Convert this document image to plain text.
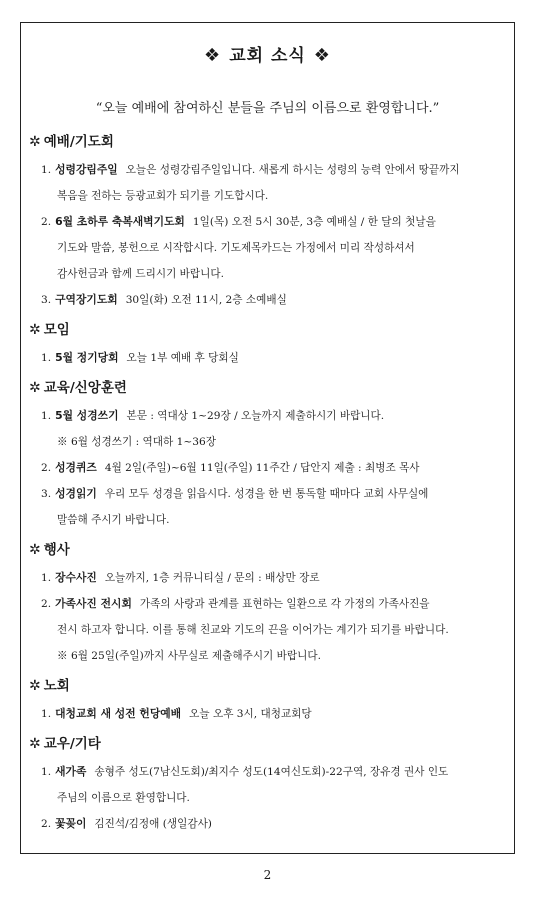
❖ 교회 소식 ❖
“오늘 예배에 참여하신 분들을 주님의 이름으로 환영합니다.”
✲ 예배/기도회
1. 성령강림주일 오늘은 성령강림주일입니다. 새롭게 하시는 성령의 능력 안에서 땅끝까지
복음을 전하는 등광교회가 되기를 기도합시다.
2. 6월 초하루 축복새벽기도회 1일(목) 오전 5시 30분, 3층 예배실 / 한 달의 첫날을
기도와 말씀, 봉헌으로 시작합시다. 기도제목카드는 가정에서 미리 작성하셔서
감사헌금과 함께 드리시기 바랍니다.
3. 구역장기도회 30일(화) 오전 11시, 2층 소예배실
✲ 모임
1. 5월 정기당회 오늘 1부 예배 후 당회실
✲ 교육/신앙훈련
1. 5월 성경쓰기 본문 : 역대상 1~29장 / 오늘까지 제출하시기 바랍니다.
※ 6월 성경쓰기 : 역대하 1~36장
2. 성경퀴즈 4월 2일(주일)~6월 11일(주일) 11주간 / 답안지 제출 : 최병조 목사
3. 성경읽기 우리 모두 성경을 읽읍시다. 성경을 한 번 통독할 때마다 교회 사무실에
말씀해 주시기 바랍니다.
✲ 행사
1. 장수사진 오늘까지, 1층 커뮤니티실 / 문의 : 배상만 장로
2. 가족사진 전시회 가족의 사랑과 관계를 표현하는 일환으로 각 가정의 가족사진을
전시 하고자 합니다. 이를 통해 친교와 기도의 끈을 이어가는 계기가 되기를 바랍니다.
※ 6월 25일(주일)까지 사무실로 제출해주시기 바랍니다.
✲ 노회
1. 대청교회 새 성전 헌당예배 오늘 오후 3시, 대청교회당
✲ 교우/기타
1. 새가족 송형주 성도(7남신도회)/최지수 성도(14여신도회)-22구역, 장유경 권사 인도
주님의 이름으로 환영합니다.
2. 꽃꽂이 김진석/김정애 (생일감사)
2
